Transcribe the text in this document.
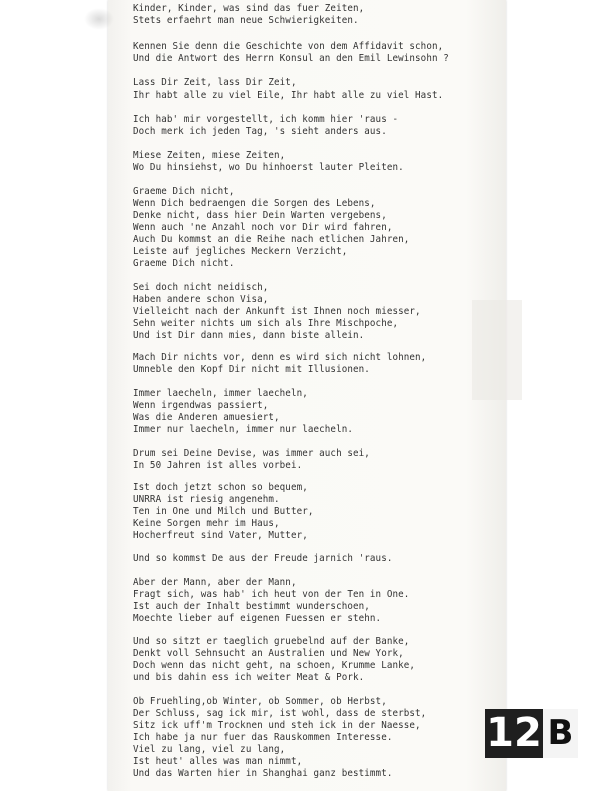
Kinder, Kinder, was sind das fuer Zeiten,
Stets erfaehrt man neue Schwierigkeiten.
Kennen Sie denn die Geschichte von dem Affidavit schon,
Und die Antwort des Herrn Konsul an den Emil Lewinsohn ?
Lass Dir Zeit, lass Dir Zeit,
Ihr habt alle zu viel Eile, Ihr habt alle zu viel Hast.
Ich hab' mir vorgestellt, ich komm hier 'raus -
Doch merk ich jeden Tag, 's sieht anders aus.
Miese Zeiten, miese Zeiten,
Wo Du hinsiehst, wo Du hinhoerst lauter Pleiten.
Graeme Dich nicht,
Wenn Dich bedraengen die Sorgen des Lebens,
Denke nicht, dass hier Dein Warten vergebens,
Wenn auch 'ne Anzahl noch vor Dir wird fahren,
Auch Du kommst an die Reihe nach etlichen Jahren,
Leiste auf jegliches Meckern Verzicht,
Graeme Dich nicht.
Sei doch nicht neidisch,
Haben andere schon Visa,
Vielleicht nach der Ankunft ist Ihnen noch miesser,
Sehn weiter nichts um sich als Ihre Mischpoche,
Und ist Dir dann mies, dann biste allein.
Mach Dir nichts vor, denn es wird sich nicht lohnen,
Umneble den Kopf Dir nicht mit Illusionen.
Immer laecheln, immer laecheln,
Wenn irgendwas passiert,
Was die Anderen amuesiert,
Immer nur laecheln, immer nur laecheln.
Drum sei Deine Devise, was immer auch sei,
In 50 Jahren ist alles vorbei.
Ist doch jetzt schon so bequem,
UNRRA ist riesig angenehm.
Ten in One und Milch und Butter,
Keine Sorgen mehr im Haus,
Hocherfreut sind Vater, Mutter,
Und so kommst De aus der Freude jarnich 'raus.
Aber der Mann, aber der Mann,
Fragt sich, was hab' ich heut von der Ten in One.
Ist auch der Inhalt bestimmt wunderschoen,
Moechte lieber auf eigenen Fuessen er stehn.
Und so sitzt er taeglich gruebelnd auf der Banke,
Denkt voll Sehnsucht an Australien und New York,
Doch wenn das nicht geht, na schoen, Krumme Lanke,
und bis dahin ess ich weiter Meat & Pork.
Ob Fruehling,ob Winter, ob Sommer, ob Herbst,
Der Schluss, sag ick mir, ist wohl, dass de sterbst,
Sitz ick uff'm Trocknen und steh ick in der Naesse,
Ich habe ja nur fuer das Rauskommen Interesse.
Viel zu lang, viel zu lang,
Ist heut' alles was man nimmt,
Und das Warten hier in Shanghai ganz bestimmt.
12 B
